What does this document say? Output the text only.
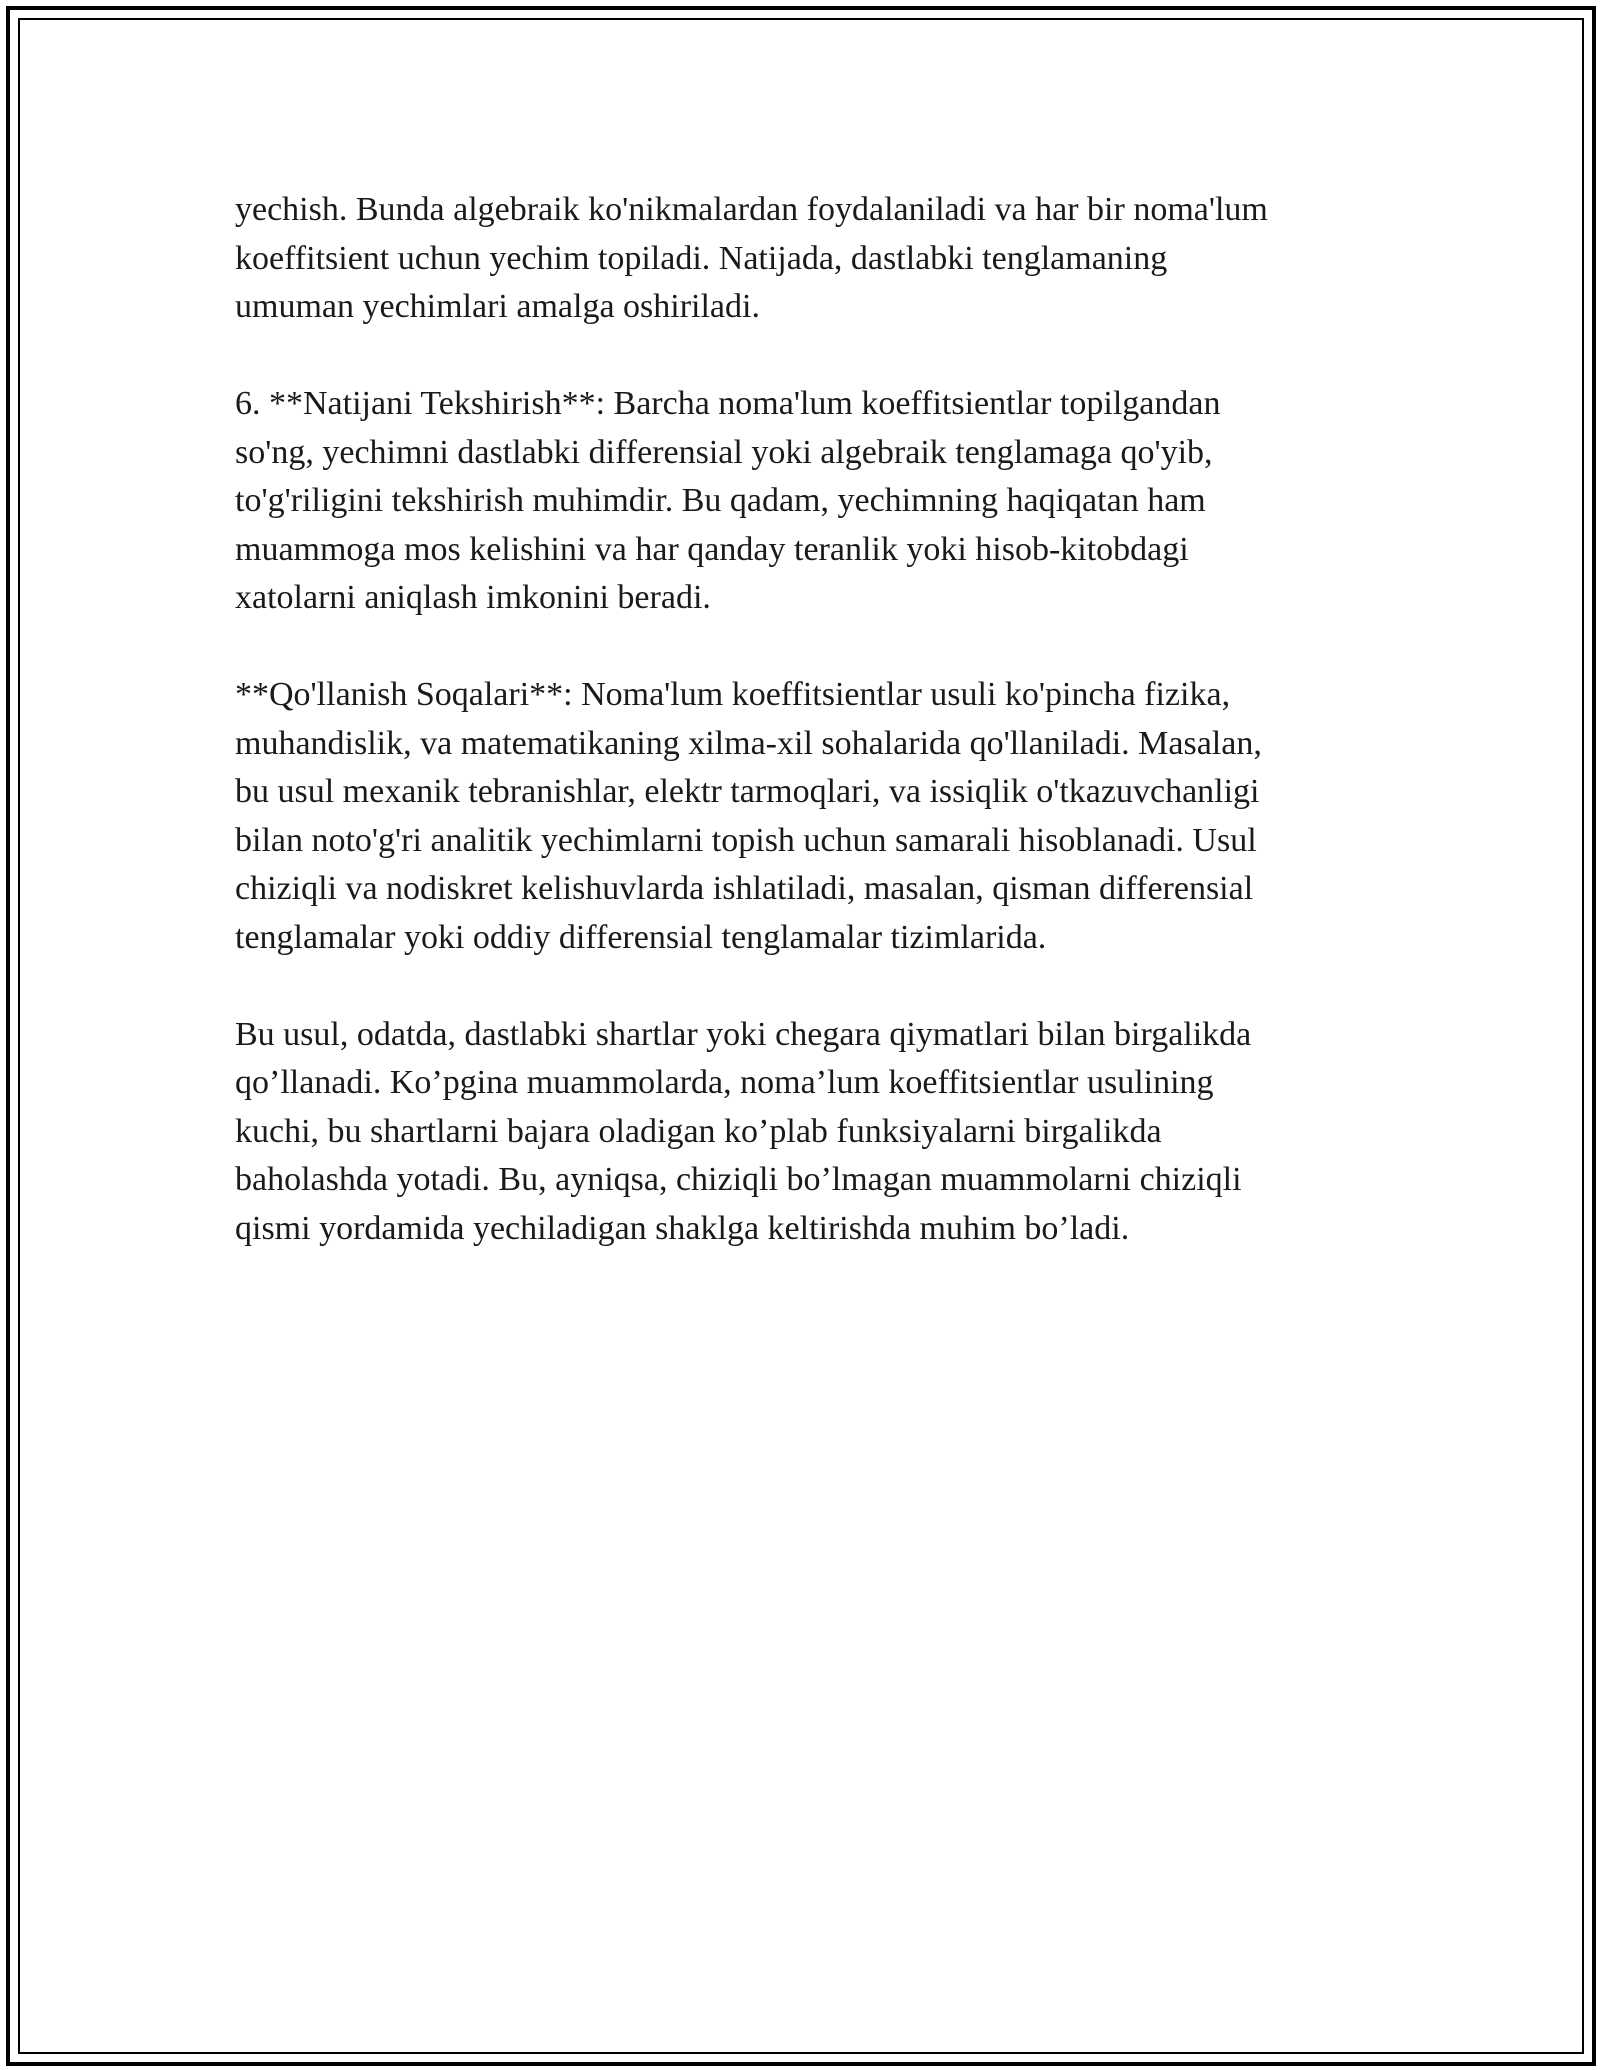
yechish. Bunda algebraik ko'nikmalardan foydalaniladi va har bir noma'lum
koeffitsient uchun yechim topiladi. Natijada, dastlabki tenglamaning
umuman yechimlari amalga oshiriladi.

6. **Natijani Tekshirish**: Barcha noma'lum koeffitsientlar topilgandan
so'ng, yechimni dastlabki differensial yoki algebraik tenglamaga qo'yib,
to'g'riligini tekshirish muhimdir. Bu qadam, yechimning haqiqatan ham
muammoga mos kelishini va har qanday teranlik yoki hisob-kitobdagi
xatolarni aniqlash imkonini beradi.

**Qo'llanish Soqalari**: Noma'lum koeffitsientlar usuli ko'pincha fizika,
muhandislik, va matematikaning xilma-xil sohalarida qo'llaniladi. Masalan,
bu usul mexanik tebranishlar, elektr tarmoqlari, va issiqlik o'tkazuvchanligi
bilan noto'g'ri analitik yechimlarni topish uchun samarali hisoblanadi. Usul
chiziqli va nodiskret kelishuvlarda ishlatiladi, masalan, qisman differensial
tenglamalar yoki oddiy differensial tenglamalar tizimlarida.

Bu usul, odatda, dastlabki shartlar yoki chegara qiymatlari bilan birgalikda
qo’llanadi. Ko’pgina muammolarda, noma’lum koeffitsientlar usulining
kuchi, bu shartlarni bajara oladigan ko’plab funksiyalarni birgalikda
baholashda yotadi. Bu, ayniqsa, chiziqli bo’lmagan muammolarni chiziqli
qismi yordamida yechiladigan shaklga keltirishda muhim bo’ladi.
